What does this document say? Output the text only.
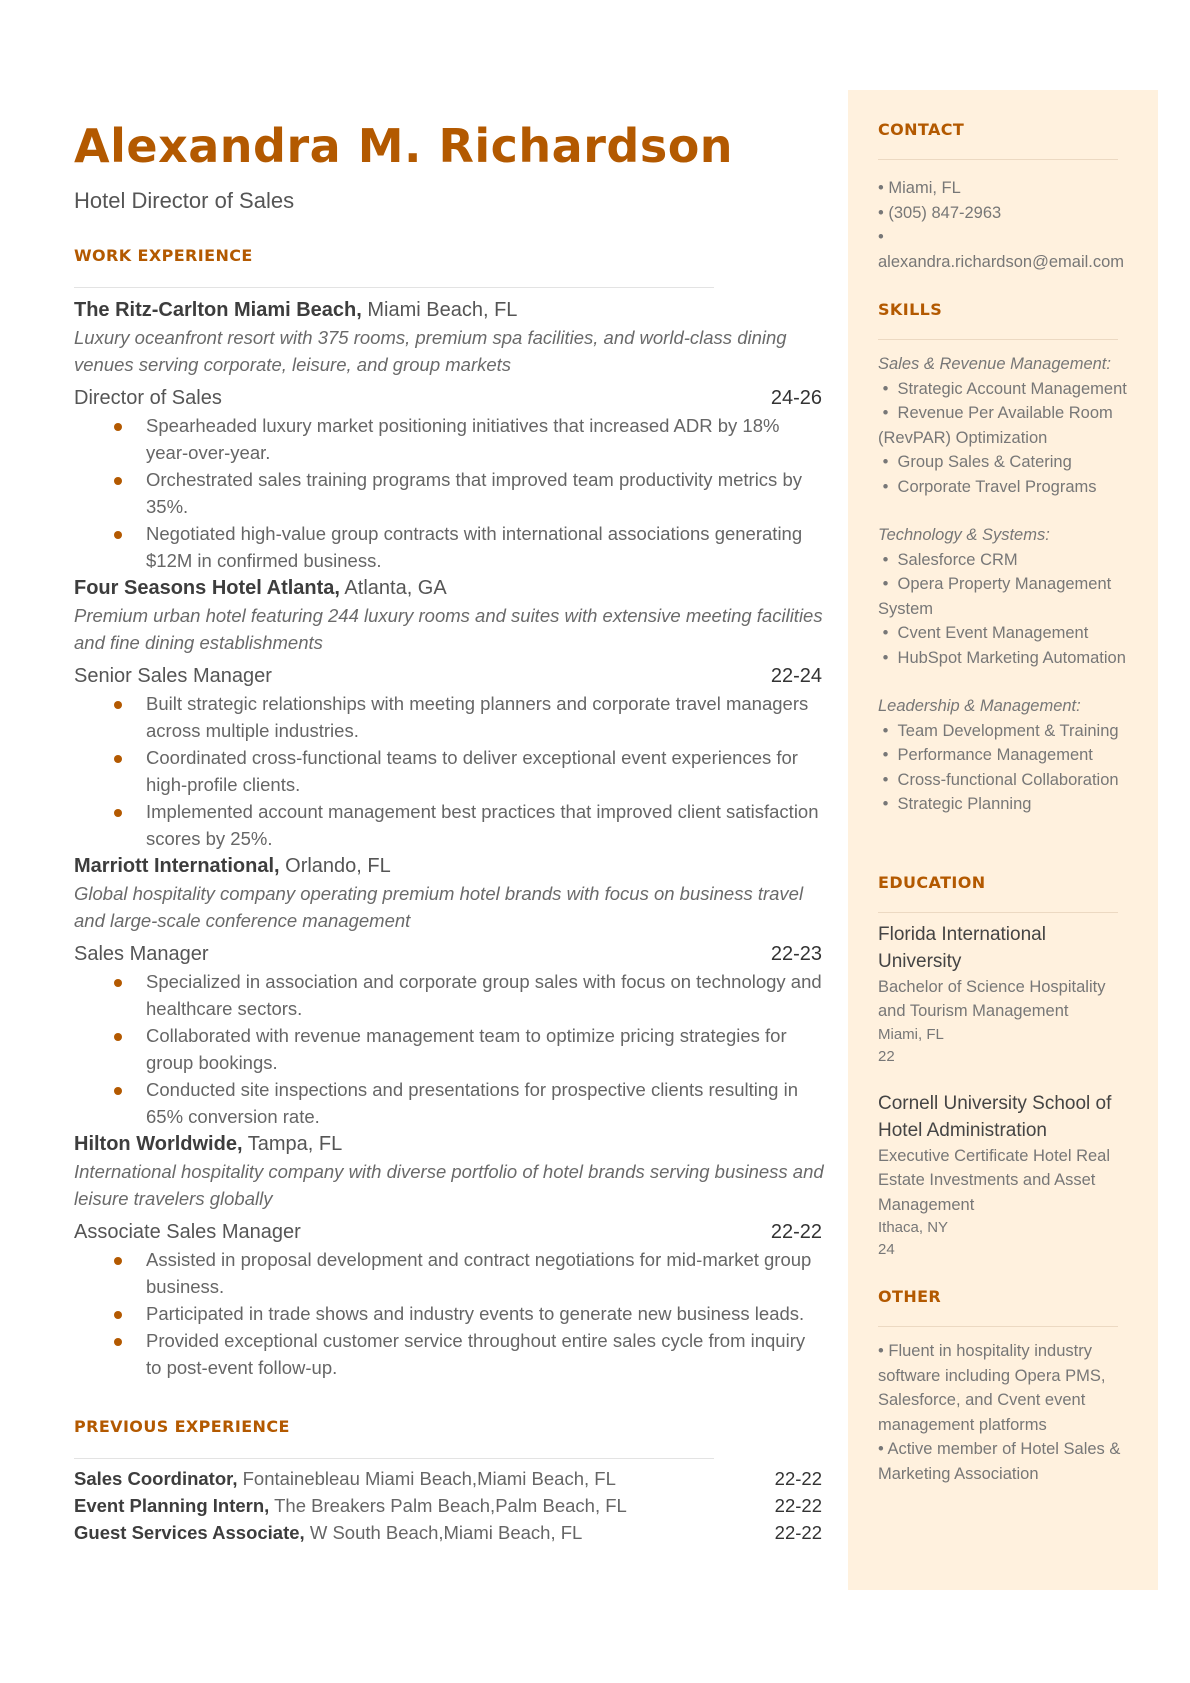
Alexandra M. Richardson
Hotel Director of Sales
WORK EXPERIENCE
The Ritz-Carlton Miami Beach, Miami Beach, FL
Luxury oceanfront resort with 375 rooms, premium spa facilities, and world-class dining venues serving corporate, leisure, and group markets
Director of Sales	24-26
Spearheaded luxury market positioning initiatives that increased ADR by 18% year-over-year.
Orchestrated sales training programs that improved team productivity metrics by 35%.
Negotiated high-value group contracts with international associations generating $12M in confirmed business.
Four Seasons Hotel Atlanta, Atlanta, GA
Premium urban hotel featuring 244 luxury rooms and suites with extensive meeting facilities and fine dining establishments
Senior Sales Manager	22-24
Built strategic relationships with meeting planners and corporate travel managers across multiple industries.
Coordinated cross-functional teams to deliver exceptional event experiences for high-profile clients.
Implemented account management best practices that improved client satisfaction scores by 25%.
Marriott International, Orlando, FL
Global hospitality company operating premium hotel brands with focus on business travel and large-scale conference management
Sales Manager	22-23
Specialized in association and corporate group sales with focus on technology and healthcare sectors.
Collaborated with revenue management team to optimize pricing strategies for group bookings.
Conducted site inspections and presentations for prospective clients resulting in 65% conversion rate.
Hilton Worldwide, Tampa, FL
International hospitality company with diverse portfolio of hotel brands serving business and leisure travelers globally
Associate Sales Manager	22-22
Assisted in proposal development and contract negotiations for mid-market group business.
Participated in trade shows and industry events to generate new business leads.
Provided exceptional customer service throughout entire sales cycle from inquiry to post-event follow-up.
PREVIOUS EXPERIENCE
Sales Coordinator, Fontainebleau Miami Beach,Miami Beach, FL	22-22
Event Planning Intern, The Breakers Palm Beach,Palm Beach, FL	22-22
Guest Services Associate, W South Beach,Miami Beach, FL	22-22
CONTACT
• Miami, FL
• (305) 847-2963
•
alexandra.richardson@email.com
SKILLS
Sales & Revenue Management:
•  Strategic Account Management
•  Revenue Per Available Room (RevPAR) Optimization
•  Group Sales & Catering
•  Corporate Travel Programs
Technology & Systems:
•  Salesforce CRM
•  Opera Property Management System
•  Cvent Event Management
•  HubSpot Marketing Automation
Leadership & Management:
•  Team Development & Training
•  Performance Management
•  Cross-functional Collaboration
•  Strategic Planning
EDUCATION
Florida International University
Bachelor of Science Hospitality and Tourism Management
Miami, FL
22
Cornell University School of Hotel Administration
Executive Certificate Hotel Real Estate Investments and Asset Management
Ithaca, NY
24
OTHER
• Fluent in hospitality industry software including Opera PMS, Salesforce, and Cvent event management platforms
• Active member of Hotel Sales & Marketing Association
